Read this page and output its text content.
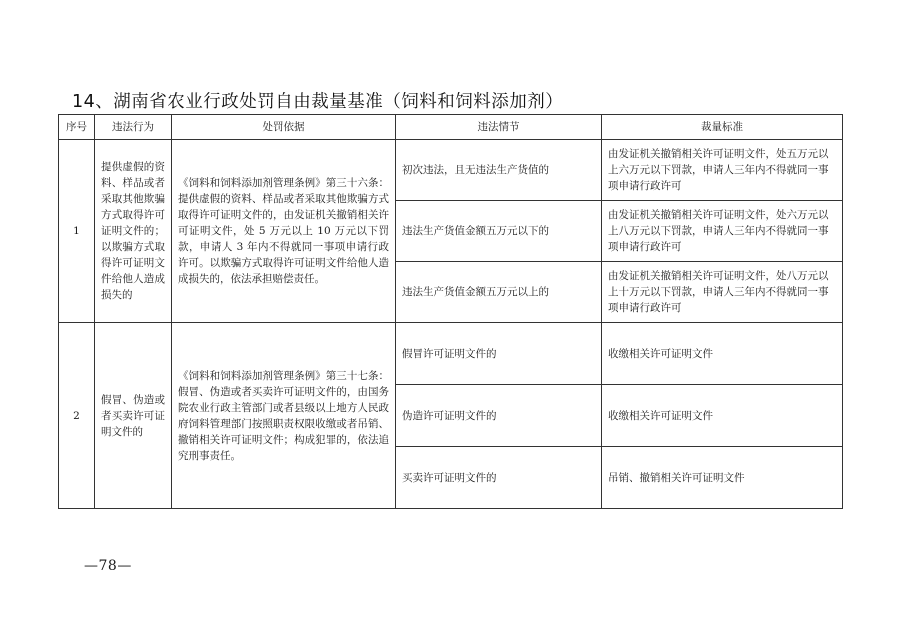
14、湖南省农业行政处罚自由裁量基准（饲料和饲料添加剂）
序号	违法行为	处罚依据	违法情节	裁量标准
1	提供虚假的资料、样品或者采取其他欺骗方式取得许可证明文件的；以欺骗方式取得许可证明文件给他人造成损失的	《饲料和饲料添加剂管理条例》第三十六条：提供虚假的资料、样品或者采取其他欺骗方式取得许可证明文件的，由发证机关撤销相关许可证明文件，处 5 万元以上 10 万元以下罚款，申请人 3 年内不得就同一事项申请行政许可。以欺骗方式取得许可证明文件给他人造成损失的，依法承担赔偿责任。	初次违法，且无违法生产货值的	由发证机关撤销相关许可证明文件，处五万元以上六万元以下罚款，申请人三年内不得就同一事项申请行政许可
			违法生产货值金额五万元以下的	由发证机关撤销相关许可证明文件，处六万元以上八万元以下罚款，申请人三年内不得就同一事项申请行政许可
			违法生产货值金额五万元以上的	由发证机关撤销相关许可证明文件，处八万元以上十万元以下罚款，申请人三年内不得就同一事项申请行政许可
2	假冒、伪造或者买卖许可证明文件的	《饲料和饲料添加剂管理条例》第三十七条：假冒、伪造或者买卖许可证明文件的，由国务院农业行政主管部门或者县级以上地方人民政府饲料管理部门按照职责权限收缴或者吊销、撤销相关许可证明文件；构成犯罪的，依法追究刑事责任。	假冒许可证明文件的	收缴相关许可证明文件
			伪造许可证明文件的	收缴相关许可证明文件
			买卖许可证明文件的	吊销、撤销相关许可证明文件
—78—
